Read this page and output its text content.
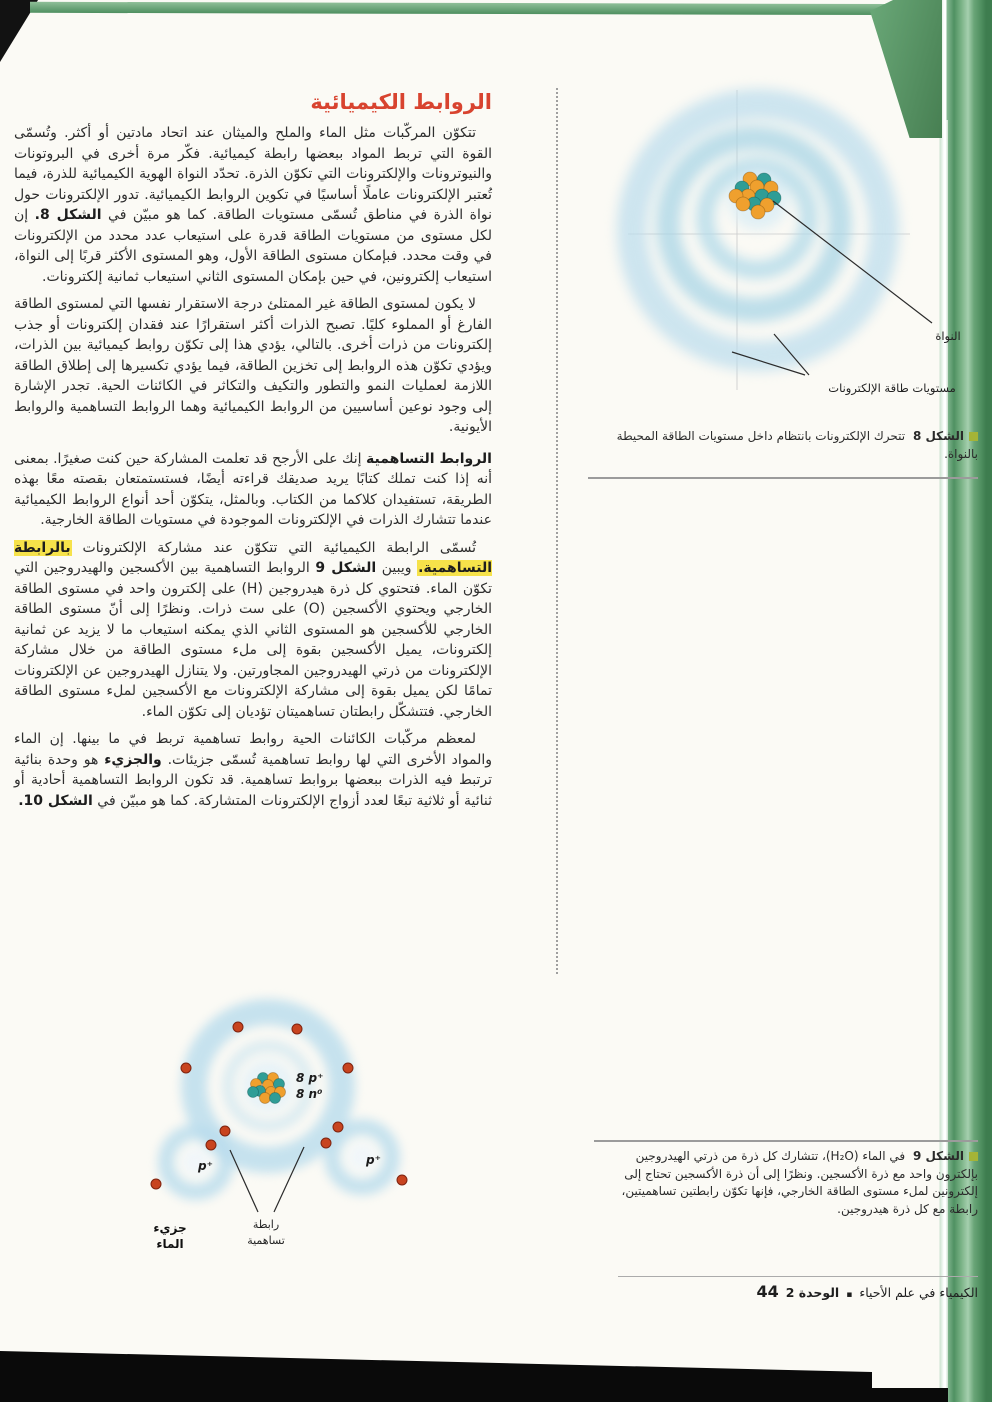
الروابط الكيميائية

تتكوّن المركّبات مثل الماء والملح والميثان عند اتحاد مادتين أو أكثر. وتُسمّى القوة التي تربط المواد ببعضها رابطة كيميائية. فكّر مرة أخرى في البروتونات والنيوترونات والإلكترونات التي تكوّن الذرة. تحدّد النواة الهوية الكيميائية للذرة، فيما تُعتبر الإلكترونات عاملًا أساسيًا في تكوين الروابط الكيميائية. تدور الإلكترونات حول نواة الذرة في مناطق تُسمّى مستويات الطاقة. كما هو مبيّن في الشكل 8. إن لكل مستوى من مستويات الطاقة قدرة على استيعاب عدد محدد من الإلكترونات في وقت محدد. فبإمكان مستوى الطاقة الأول، وهو المستوى الأكثر قربًا إلى النواة، استيعاب إلكترونين، في حين بإمكان المستوى الثاني استيعاب ثمانية إلكترونات.

لا يكون لمستوى الطاقة غير الممتلئ درجة الاستقرار نفسها التي لمستوى الطاقة الفارغ أو المملوء كليًا. تصبح الذرات أكثر استقرارًا عند فقدان إلكترونات أو جذب إلكترونات من ذرات أخرى. بالتالي، يؤدي هذا إلى تكوّن روابط كيميائية بين الذرات، ويؤدي تكوّن هذه الروابط إلى تخزين الطاقة، فيما يؤدي تكسيرها إلى إطلاق الطاقة اللازمة لعمليات النمو والتطور والتكيف والتكاثر في الكائنات الحية. تجدر الإشارة إلى وجود نوعين أساسيين من الروابط الكيميائية وهما الروابط التساهمية والروابط الأيونية.

الروابط التساهمية إنك على الأرجح قد تعلمت المشاركة حين كنت صغيرًا. بمعنى أنه إذا كنت تملك كتابًا يريد صديقك قراءته أيضًا، فستستمتعان بقصته معًا بهذه الطريقة، تستفيدان كلاكما من الكتاب. وبالمثل، يتكوّن أحد أنواع الروابط الكيميائية عندما تتشارك الذرات في الإلكترونات الموجودة في مستويات الطاقة الخارجية.

تُسمّى الرابطة الكيميائية التي تتكوّن عند مشاركة الإلكترونات بالرابطة التساهمية. ويبين الشكل 9 الروابط التساهمية بين الأكسجين والهيدروجين التي تكوّن الماء. فتحتوي كل ذرة هيدروجين (H) على إلكترون واحد في مستوى الطاقة الخارجي ويحتوي الأكسجين (O) على ست ذرات. ونظرًا إلى أنّ مستوى الطاقة الخارجي للأكسجين هو المستوى الثاني الذي يمكنه استيعاب ما لا يزيد عن ثمانية إلكترونات، يميل الأكسجين بقوة إلى ملء مستوى الطاقة من خلال مشاركة الإلكترونات من ذرتي الهيدروجين المجاورتين. ولا يتنازل الهيدروجين عن الإلكترونات تمامًا لكن يميل بقوة إلى مشاركة الإلكترونات مع الأكسجين لملء مستوى الطاقة الخارجي. فتتشكّل رابطتان تساهميتان تؤديان إلى تكوّن الماء.

لمعظم مركّبات الكائنات الحية روابط تساهمية تربط في ما بينها. إن الماء والمواد الأخرى التي لها روابط تساهمية تُسمّى جزيئات. والجزيء هو وحدة بنائية ترتبط فيه الذرات ببعضها بروابط تساهمية. قد تكون الروابط التساهمية أحادية أو ثنائية أو ثلاثية تبعًا لعدد أزواج الإلكترونات المتشاركة. كما هو مبيّن في الشكل 10.

النواة
مستويات طاقة الإلكترونات
الشكل 8 تتحرك الإلكترونات بانتظام داخل مستويات الطاقة المحيطة بالنواة.
8 p⁺
8 n⁰
p⁺	p⁺
رابطة
تساهمية
جزيء
الماء
الشكل 9 في الماء (H₂O)، تتشارك كل ذرة من ذرتي الهيدروجين بإلكترون واحد مع ذرة الأكسجين. ونظرًا إلى أن ذرة الأكسجين تحتاج إلى إلكترونين لملء مستوى الطاقة الخارجي، فإنها تكوّن رابطتين تساهميتين، رابطة مع كل ذرة هيدروجين.
44 الوحدة 2 ▪ الكيمياء في علم الأحياء
